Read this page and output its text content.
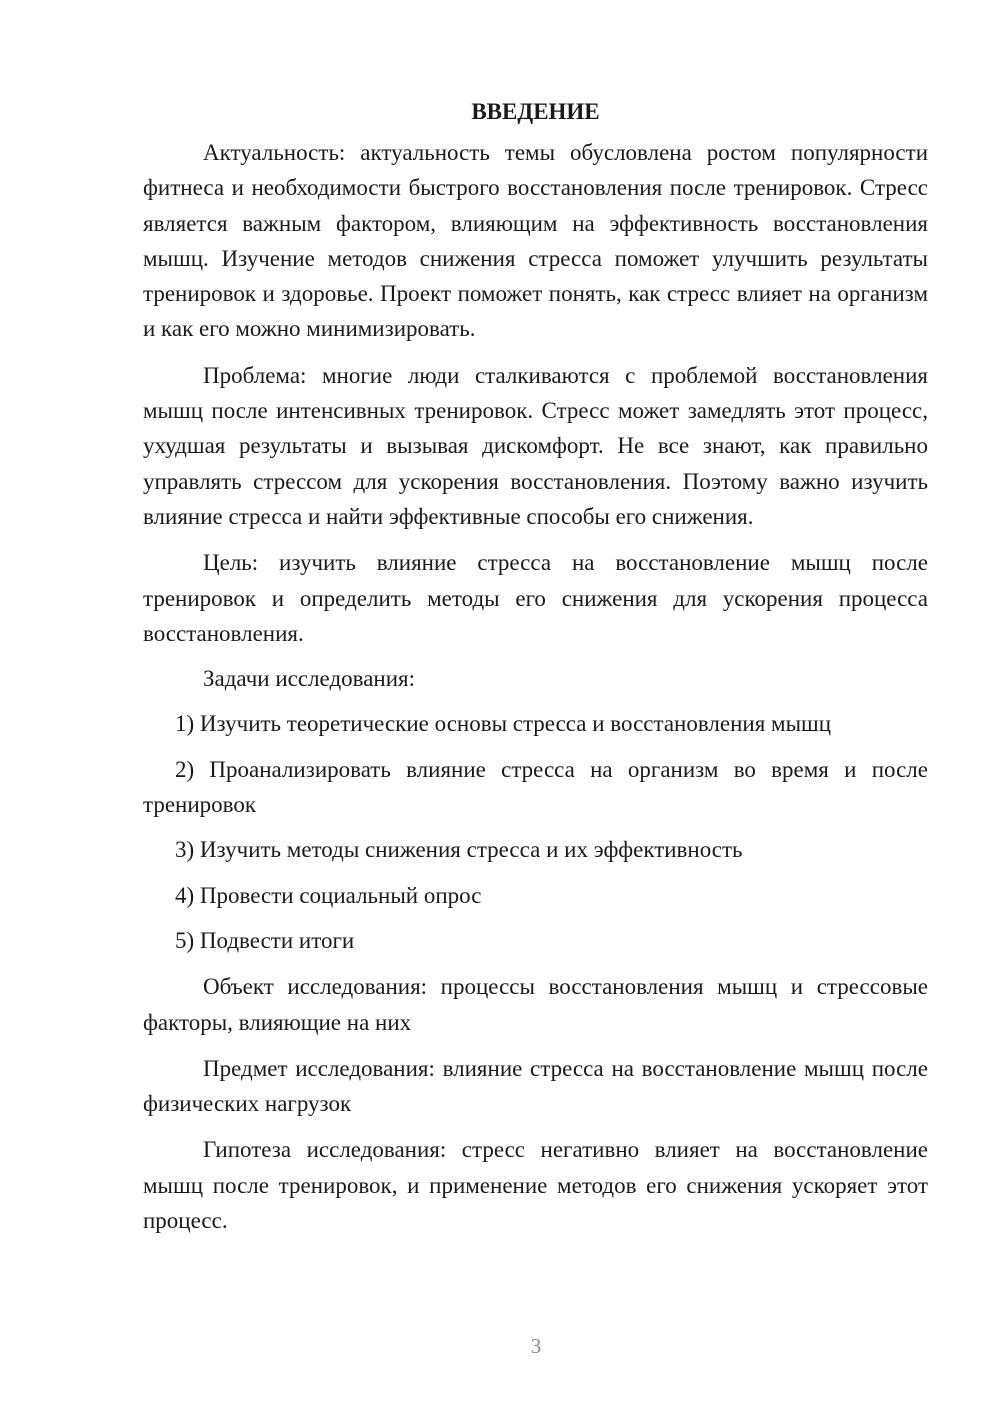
ВВЕДЕНИЕ

Актуальность: актуальность темы обусловлена ростом популярности фитнеса и необходимости быстрого восстановления после тренировок. Стресс является важным фактором, влияющим на эффективность восстановления мышц. Изучение методов снижения стресса поможет улучшить результаты тренировок и здоровье. Проект поможет понять, как стресс влияет на организм и как его можно минимизировать.

Проблема: многие люди сталкиваются с проблемой восстановления мышц после интенсивных тренировок. Стресс может замедлять этот процесс, ухудшая результаты и вызывая дискомфорт. Не все знают, как правильно управлять стрессом для ускорения восстановления. Поэтому важно изучить влияние стресса и найти эффективные способы его снижения.

Цель: изучить влияние стресса на восстановление мышц после тренировок и определить методы его снижения для ускорения процесса восстановления.

Задачи исследования:

1) Изучить теоретические основы стресса и восстановления мышц

2) Проанализировать влияние стресса на организм во время и после тренировок

3) Изучить методы снижения стресса и их эффективность

4) Провести социальный опрос

5) Подвести итоги

Объект исследования: процессы восстановления мышц и стрессовые факторы, влияющие на них

Предмет исследования: влияние стресса на восстановление мышц после физических нагрузок

Гипотеза исследования: стресс негативно влияет на восстановление мышц после тренировок, и применение методов его снижения ускоряет этот процесс.

3
